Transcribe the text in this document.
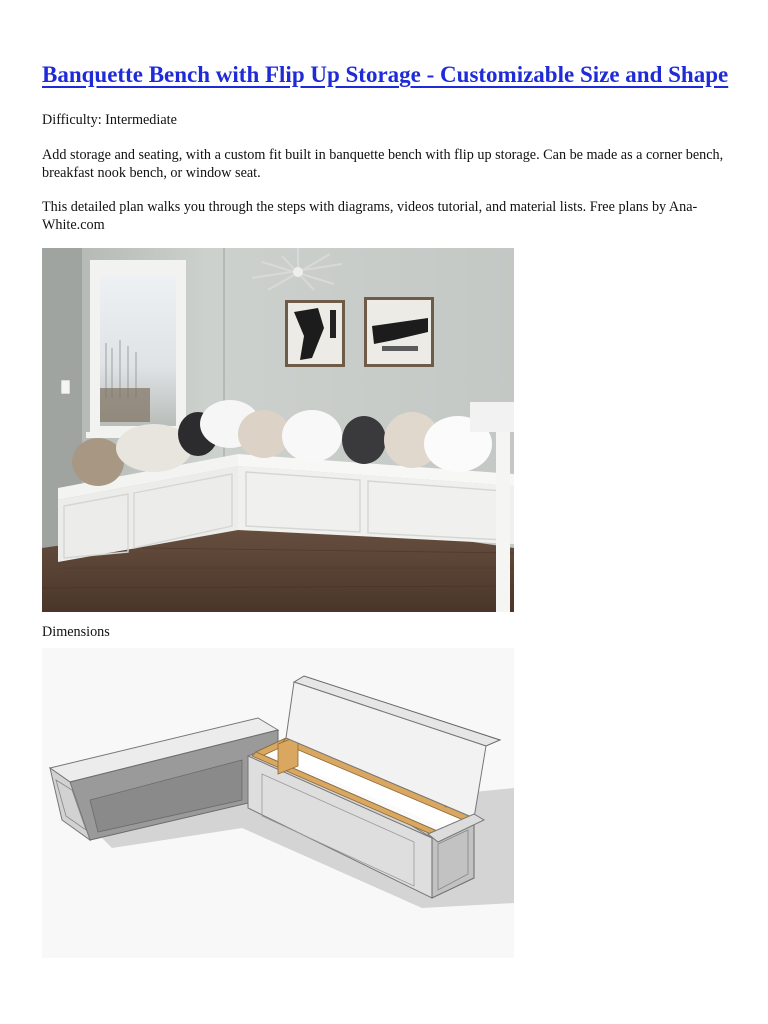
Banquette Bench with Flip Up Storage - Customizable Size and Shape

Difficulty: Intermediate

Add storage and seating, with a custom fit built in banquette bench with flip up storage. Can be made as a corner bench, breakfast nook bench, or window seat.

This detailed plan walks you through the steps with diagrams, videos tutorial, and material lists. Free plans by Ana-White.com

Dimensions
